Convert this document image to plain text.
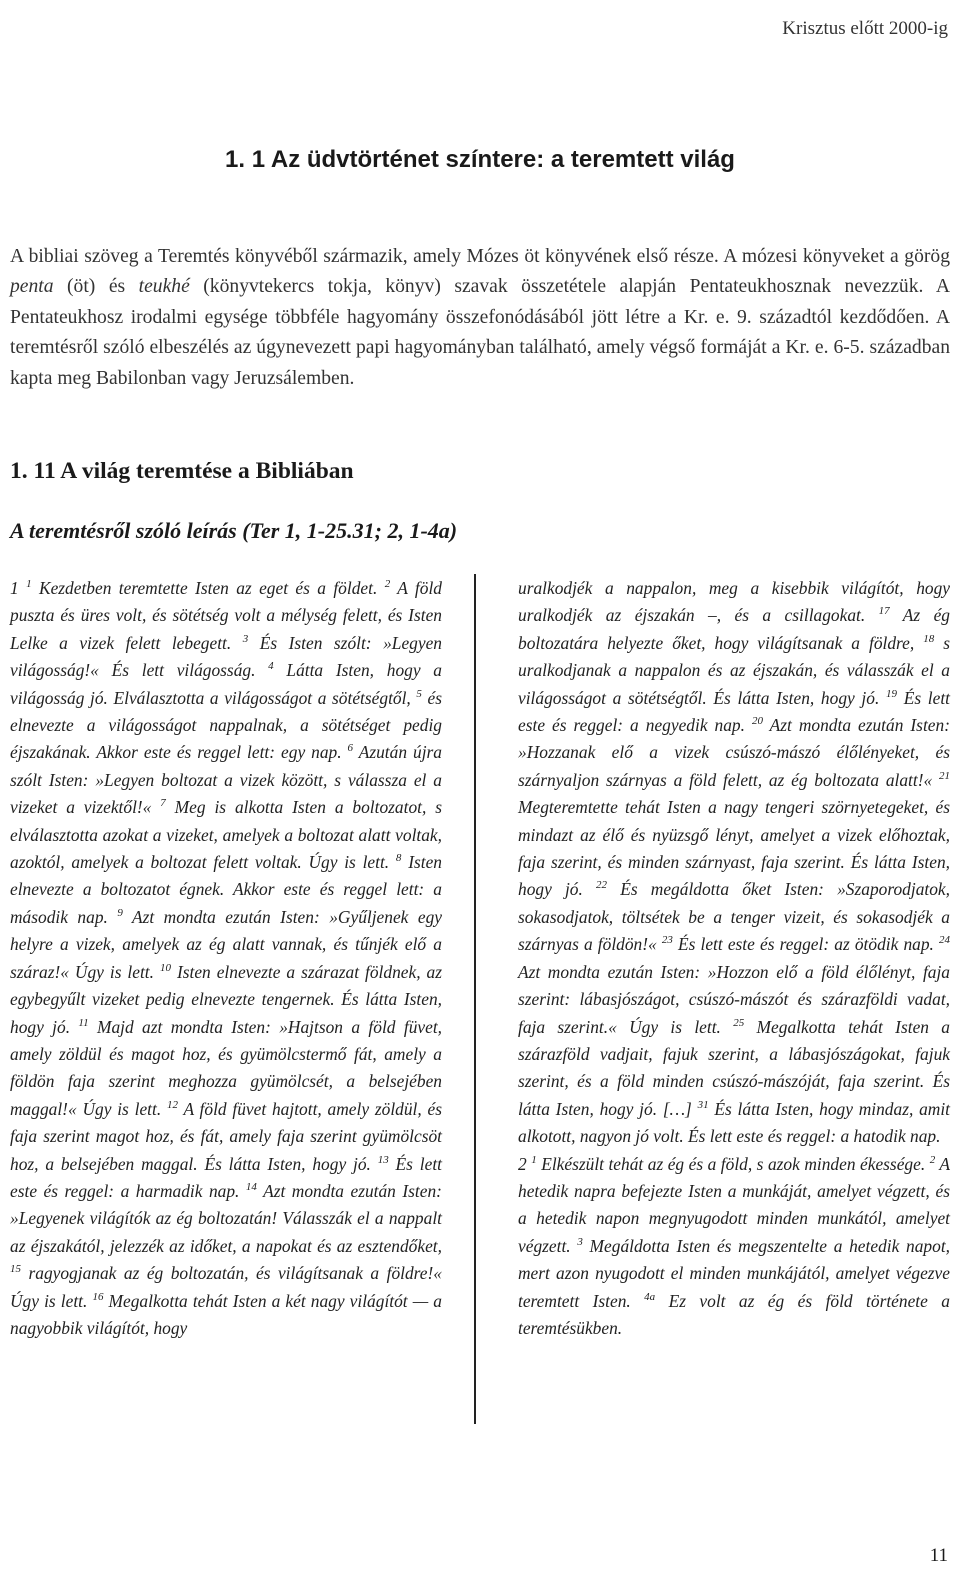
Krisztus előtt 2000-ig
1. 1 Az üdvtörténet színtere: a teremtett világ
A bibliai szöveg a Teremtés könyvéből származik, amely Mózes öt könyvének első része. A mózesi könyveket a görög penta (öt) és teukhé (könyvtekercs tokja, könyv) szavak összetétele alapján Pentateukhosznak nevezzük. A Pentateukhosz irodalmi egysége többféle hagyomány összefonódásából jött létre a Kr. e. 9. századtól kezdődően. A teremtésről szóló elbeszélés az úgynevezett papi hagyományban található, amely végső formáját a Kr. e. 6-5. században kapta meg Babilonban vagy Jeruzsálemben.
1. 11 A világ teremtése a Bibliában
A teremtésről szóló leírás (Ter 1, 1-25.31; 2, 1-4a)

1 $^1$ Kezdetben teremtette Isten az eget és a földet. $^2$ A föld puszta és üres volt, és sötétség volt a mélység felett, és Isten Lelke a vizek felett lebegett. $^3$ És Isten szólt: »Legyen világosság!« És lett világosság. $^4$ Látta Isten, hogy a világosság jó. Elválasztotta a világosságot a sötétségtől, $^5$ és elnevezte a világosságot nappalnak, a sötétséget pedig éjszakának. Akkor este és reggel lett: egy nap. $^6$ Azután újra szólt Isten: »Legyen boltozat a vizek között, s válassza el a vizeket a vizektől!« $^7$ Meg is alkotta Isten a boltozatot, s elválasztotta azokat a vizeket, amelyek a boltozat alatt voltak, azoktól, amelyek a boltozat felett voltak. Úgy is lett. $^8$ Isten elnevezte a boltozatot égnek. Akkor este és reggel lett: a második nap. $^9$ Azt mondta ezután Isten: »Gyűljenek egy helyre a vizek, amelyek az ég alatt vannak, és tűnjék elő a száraz!« Úgy is lett. $^{10}$ Isten elnevezte a szárazat földnek, az egybegyűlt vizeket pedig elnevezte tengernek. És látta Isten, hogy jó. $^{11}$ Majd azt mondta Isten: »Hajtson a föld füvet, amely zöldül és magot hoz, és gyümölcstermő fát, amely a földön faja szerint meghozza gyümölcsét, a belsejében maggal!« Úgy is lett. $^{12}$ A föld füvet hajtott, amely zöldül, és faja szerint magot hoz, és fát, amely faja szerint gyümölcsöt hoz, a belsejében maggal. És látta Isten, hogy jó. $^{13}$ És lett este és reggel: a harmadik nap. $^{14}$ Azt mondta ezután Isten: »Legyenek világítók az ég boltozatán! Válasszák el a nappalt az éjszakától, jelezzék az időket, a napokat és az esztendőket, $^{15}$ ragyogjanak az ég boltozatán, és világítsanak a földre!« Úgy is lett. $^{16}$ Megalkotta tehát Isten a két nagy világítót — a nagyobbik világítót, hogy

uralkodjék a nappalon, meg a kisebbik világítót, hogy uralkodjék az éjszakán –, és a csillagokat. $^{17}$ Az ég boltozatára helyezte őket, hogy világítsanak a földre, $^{18}$ s uralkodjanak a nappalon és az éjszakán, és válasszák el a világosságot a sötétségtől. És látta Isten, hogy jó. $^{19}$ És lett este és reggel: a negyedik nap. $^{20}$ Azt mondta ezután Isten: »Hozzanak elő a vizek csúszó-mászó élőlényeket, és szárnyaljon szárnyas a föld felett, az ég boltozata alatt!« $^{21}$ Megteremtette tehát Isten a nagy tengeri szörnyetegeket, és mindazt az élő és nyüzsgő lényt, amelyet a vizek előhoztak, faja szerint, és minden szárnyast, faja szerint. És látta Isten, hogy jó. $^{22}$ És megáldotta őket Isten: »Szaporodjatok, sokasodjatok, töltsétek be a tenger vizeit, és sokasodjék a szárnyas a földön!« $^{23}$ És lett este és reggel: az ötödik nap. $^{24}$ Azt mondta ezután Isten: »Hozzon elő a föld élőlényt, faja szerint: lábasjószágot, csúszó-mászót és szárazföldi vadat, faja szerint.« Úgy is lett. $^{25}$ Megalkotta tehát Isten a szárazföld vadjait, fajuk szerint, a lábasjószágokat, fajuk szerint, és a föld minden csúszó-mászóját, faja szerint. És látta Isten, hogy jó. […] $^{31}$ És látta Isten, hogy mindaz, amit alkotott, nagyon jó volt. És lett este és reggel: a hatodik nap.

2 $^1$ Elkészült tehát az ég és a föld, s azok minden ékessége. $^2$ A hetedik napra befejezte Isten a munkáját, amelyet végzett, és a hetedik napon megnyugodott minden munkától, amelyet végzett. $^3$ Megáldotta Isten és megszentelte a hetedik napot, mert azon nyugodott el minden munkájától, amelyet végezve teremtett Isten. $^{4a}$ Ez volt az ég és föld története a teremtésükben.

11
